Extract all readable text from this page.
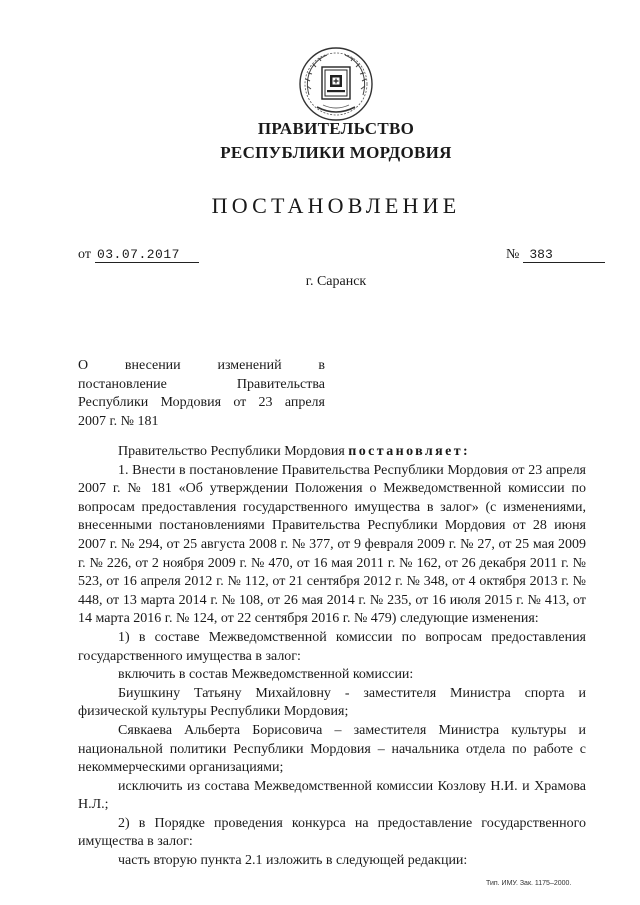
ПРАВИТЕЛЬСТВО
РЕСПУБЛИКИ МОРДОВИЯ
ПОСТАНОВЛЕНИЕ
от 03.07.2017	№ 383
г. Саранск
О внесении изменений в
постановление Правительства
Республики Мордовия от 23 апреля
2007 г. № 181

Правительство Республики Мордовия постановляет:

1. Внести в постановление Правительства Республики Мордовия от 23 апреля 2007 г. № 181 «Об утверждении Положения о Межведомственной комиссии по вопросам предоставления государственного имущества в залог» (с изменениями, внесенными постановлениями Правительства Республики Мордовия от 28 июня 2007 г. № 294, от 25 августа 2008 г. № 377, от 9 февраля 2009 г. № 27, от 25 мая 2009 г. № 226, от 2 ноября 2009 г. № 470, от 16 мая 2011 г. № 162, от 26 декабря 2011 г. № 523, от 16 апреля 2012 г. № 112, от 21 сентября 2012 г. № 348, от 4 октября 2013 г. № 448, от 13 марта 2014 г. № 108, от 26 мая 2014 г. № 235, от 16 июля 2015 г. № 413, от 14 марта 2016 г. № 124, от 22 сентября 2016 г. № 479) следующие изменения:

1) в составе Межведомственной комиссии по вопросам предоставления государственного имущества в залог:

включить в состав Межведомственной комиссии:

Биушкину Татьяну Михайловну - заместителя Министра спорта и физической культуры Республики Мордовия;

Сявкаева Альберта Борисовича – заместителя Министра культуры и национальной политики Республики Мордовия – начальника отдела по работе с некоммерческими организациями;

исключить из состава Межведомственной комиссии Козлову Н.И. и Храмова Н.Л.;

2) в Порядке проведения конкурса на предоставление государственного имущества в залог:

часть вторую пункта 2.1 изложить в следующей редакции:

Тип. ИМУ. Зак. 1175–2000.
